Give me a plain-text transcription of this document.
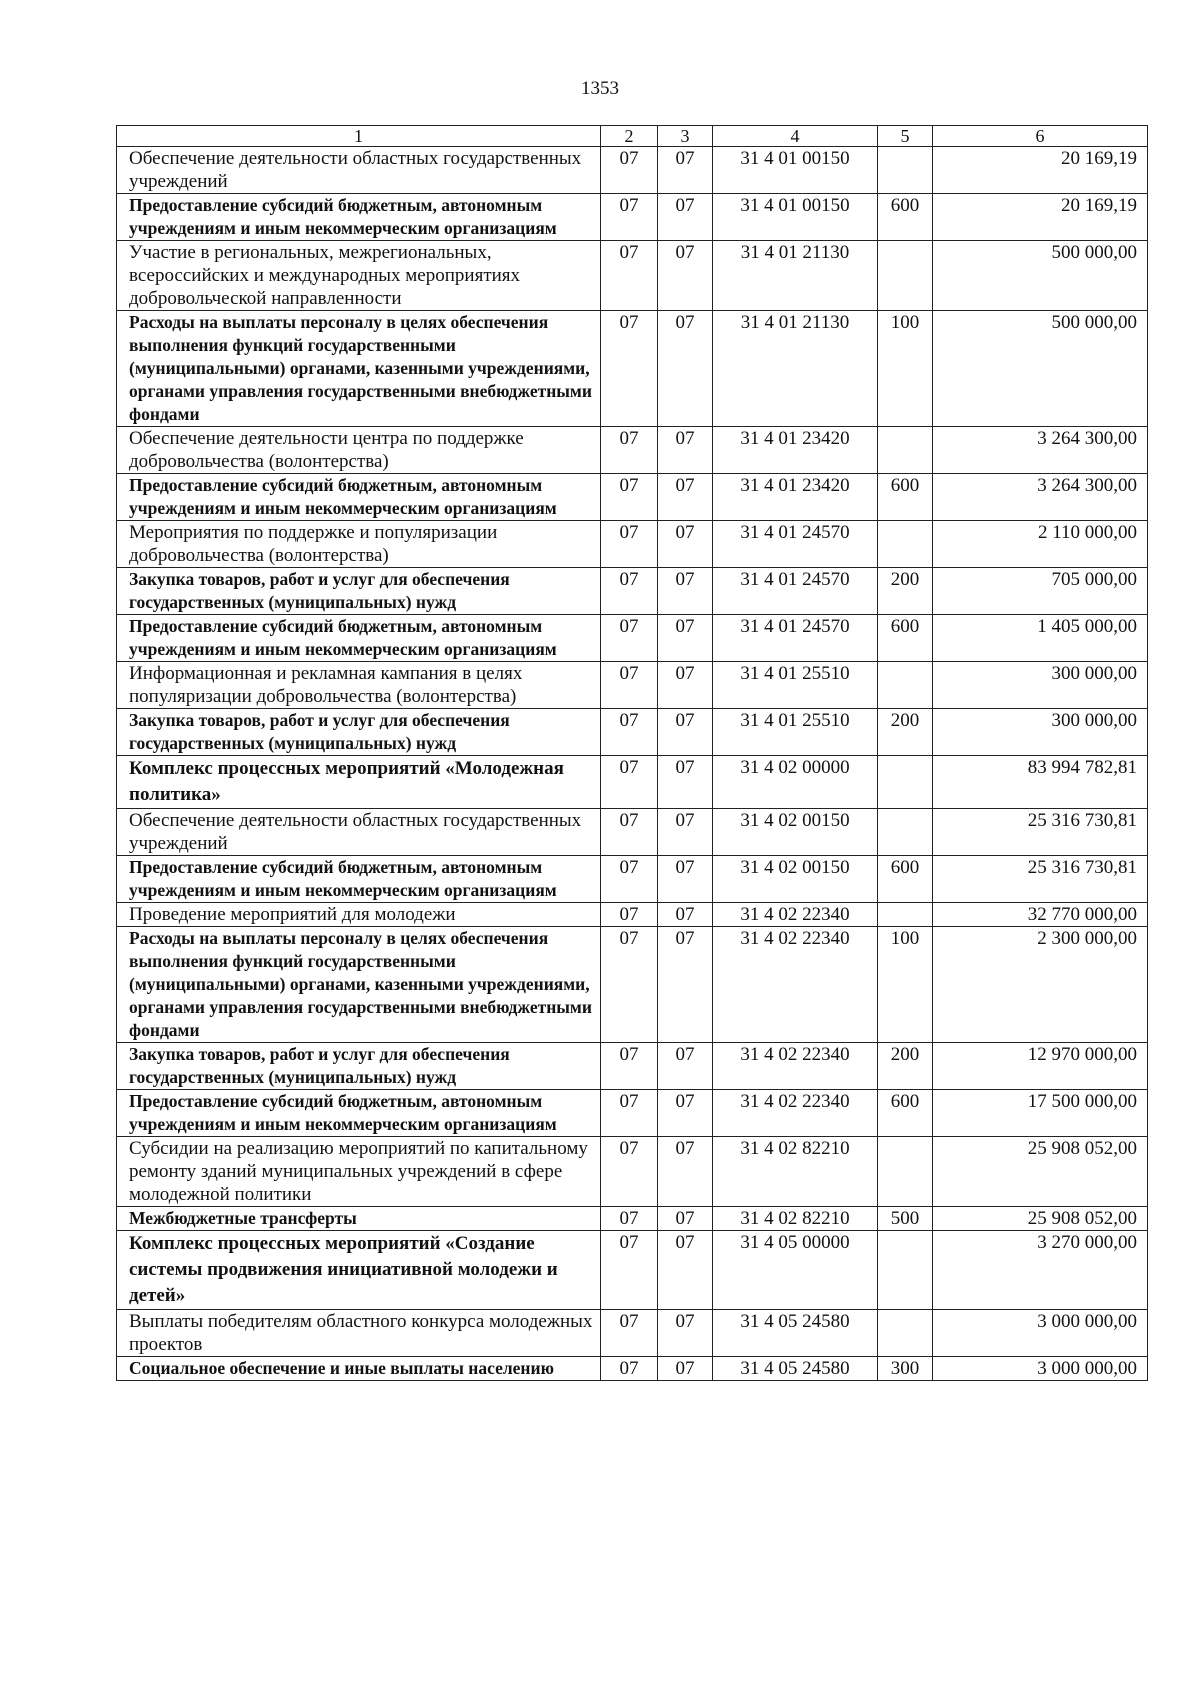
1353
1	2	3	4	5	6
Обеспечение деятельности областных государственных учреждений	07	07	31 4 01 00150		20 169,19
Предоставление субсидий бюджетным, автономным учреждениям и иным некоммерческим организациям	07	07	31 4 01 00150	600	20 169,19
Участие в региональных, межрегиональных, всероссийских и международных мероприятиях добровольческой направленности	07	07	31 4 01 21130		500 000,00
Расходы на выплаты персоналу в целях обеспечения выполнения функций государственными (муниципальными) органами, казенными учреждениями, органами управления государственными внебюджетными фондами	07	07	31 4 01 21130	100	500 000,00
Обеспечение деятельности центра по поддержке добровольчества (волонтерства)	07	07	31 4 01 23420		3 264 300,00
Предоставление субсидий бюджетным, автономным учреждениям и иным некоммерческим организациям	07	07	31 4 01 23420	600	3 264 300,00
Мероприятия по поддержке и популяризации добровольчества (волонтерства)	07	07	31 4 01 24570		2 110 000,00
Закупка товаров, работ и услуг для обеспечения государственных (муниципальных) нужд	07	07	31 4 01 24570	200	705 000,00
Предоставление субсидий бюджетным, автономным учреждениям и иным некоммерческим организациям	07	07	31 4 01 24570	600	1 405 000,00
Информационная и рекламная кампания в целях популяризации добровольчества (волонтерства)	07	07	31 4 01 25510		300 000,00
Закупка товаров, работ и услуг для обеспечения государственных (муниципальных) нужд	07	07	31 4 01 25510	200	300 000,00
Комплекс процессных мероприятий «Молодежная политика»	07	07	31 4 02 00000		83 994 782,81
Обеспечение деятельности областных государственных учреждений	07	07	31 4 02 00150		25 316 730,81
Предоставление субсидий бюджетным, автономным учреждениям и иным некоммерческим организациям	07	07	31 4 02 00150	600	25 316 730,81
Проведение мероприятий для молодежи	07	07	31 4 02 22340		32 770 000,00
Расходы на выплаты персоналу в целях обеспечения выполнения функций государственными (муниципальными) органами, казенными учреждениями, органами управления государственными внебюджетными фондами	07	07	31 4 02 22340	100	2 300 000,00
Закупка товаров, работ и услуг для обеспечения государственных (муниципальных) нужд	07	07	31 4 02 22340	200	12 970 000,00
Предоставление субсидий бюджетным, автономным учреждениям и иным некоммерческим организациям	07	07	31 4 02 22340	600	17 500 000,00
Субсидии на реализацию мероприятий по капитальному ремонту зданий муниципальных учреждений в сфере молодежной политики	07	07	31 4 02 82210		25 908 052,00
Межбюджетные трансферты	07	07	31 4 02 82210	500	25 908 052,00
Комплекс процессных мероприятий «Создание системы продвижения инициативной молодежи и детей»	07	07	31 4 05 00000		3 270 000,00
Выплаты победителям областного конкурса молодежных проектов	07	07	31 4 05 24580		3 000 000,00
Социальное обеспечение и иные выплаты населению	07	07	31 4 05 24580	300	3 000 000,00
